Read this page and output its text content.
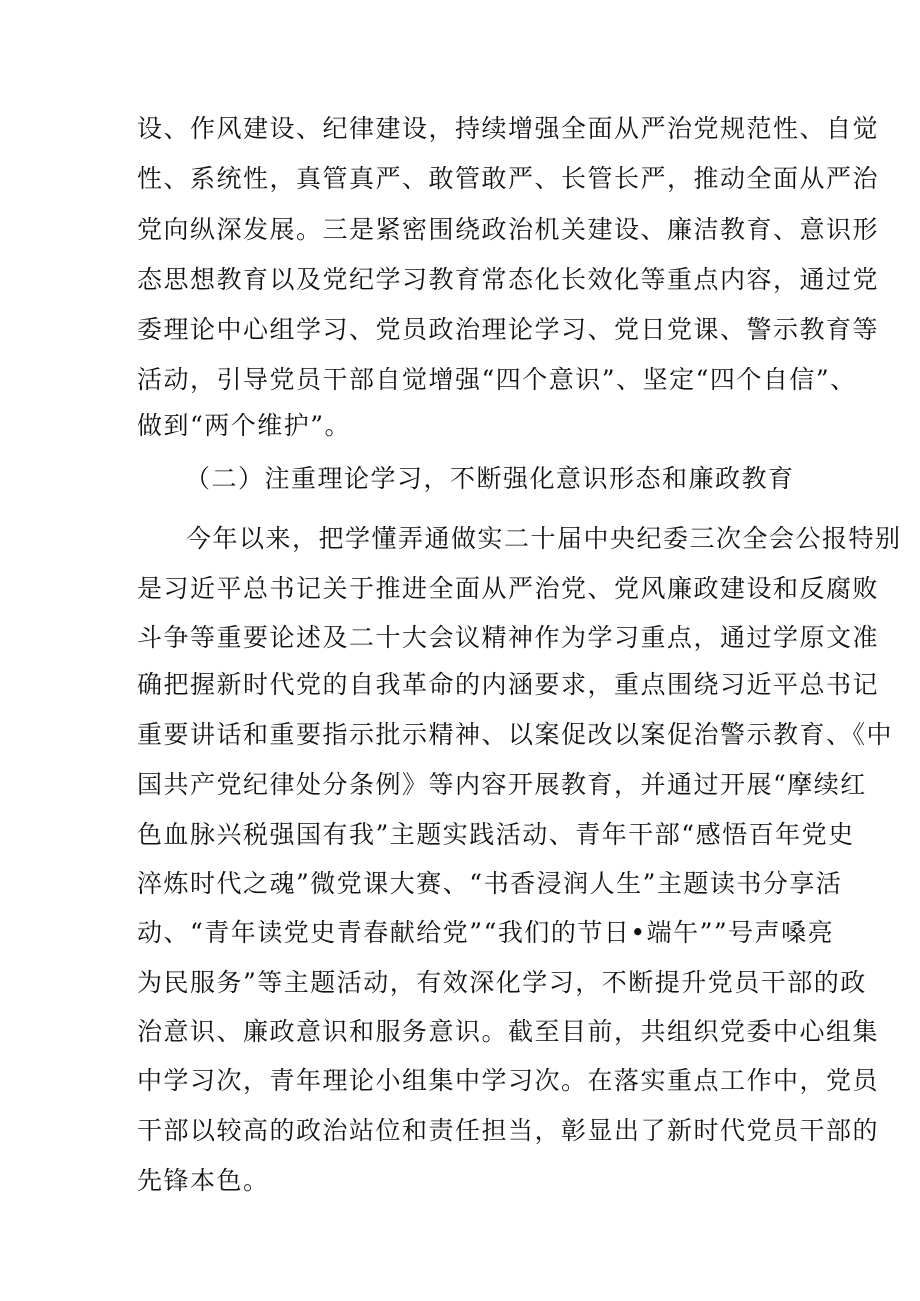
设、作风建设、纪律建设，持续增强全面从严治党规范性、自觉
性、系统性，真管真严、敢管敢严、长管长严，推动全面从严治
党向纵深发展。三是紧密围绕政治机关建设、廉洁教育、意识形
态思想教育以及党纪学习教育常态化长效化等重点内容，通过党
委理论中心组学习、党员政治理论学习、党日党课、警示教育等
活动，引导党员干部自觉增强“四个意识”、坚定“四个自信”、
做到“两个维护”。
（二）注重理论学习，不断强化意识形态和廉政教育
今年以来，把学懂弄通做实二十届中央纪委三次全会公报特别
是习近平总书记关于推进全面从严治党、党风廉政建设和反腐败
斗争等重要论述及二十大会议精神作为学习重点，通过学原文准
确把握新时代党的自我革命的内涵要求，重点围绕习近平总书记
重要讲话和重要指示批示精神、以案促改以案促治警示教育、《中
国共产党纪律处分条例》等内容开展教育，并通过开展“摩续红
色血脉兴税强国有我”主题实践活动、青年干部“感悟百年党史
淬炼时代之魂”微党课大赛、“书香浸润人生”主题读书分享活
动、“青年读党史青春献给党”“我们的节日•端午””号声嗓亮
为民服务”等主题活动，有效深化学习，不断提升党员干部的政
治意识、廉政意识和服务意识。截至目前，共组织党委中心组集
中学习次，青年理论小组集中学习次。在落实重点工作中，党员
干部以较高的政治站位和责任担当，彰显出了新时代党员干部的
先锋本色。
